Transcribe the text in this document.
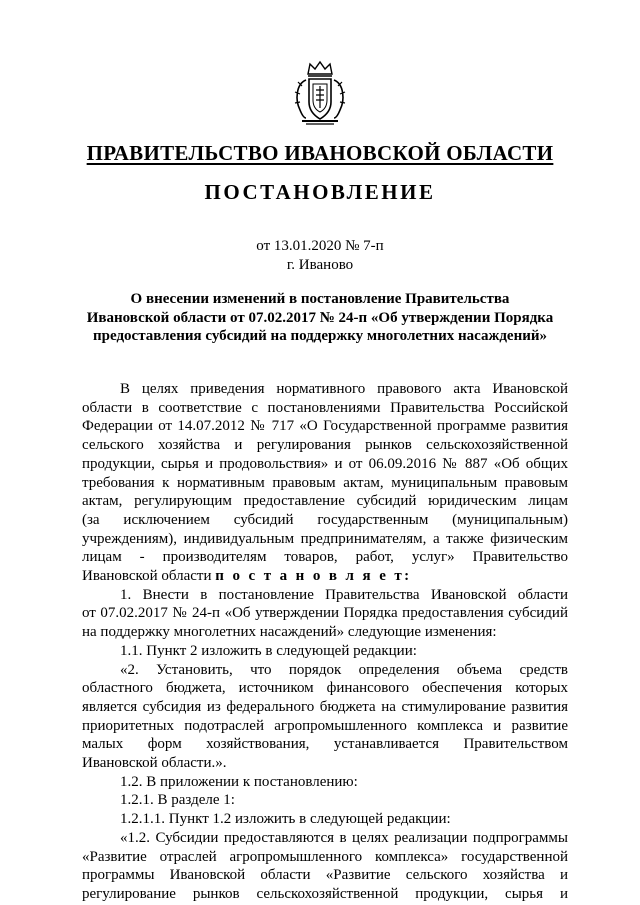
ПРАВИТЕЛЬСТВО ИВАНОВСКОЙ ОБЛАСТИ
ПОСТАНОВЛЕНИЕ
от 13.01.2020 № 7-п
г. Иваново
О внесении изменений в постановление Правительства
Ивановской области от 07.02.2017 № 24-п «Об утверждении Порядка
предоставления субсидий на поддержку многолетних насаждений»
В целях приведения нормативного правового акта Ивановской
области в соответствие с постановлениями Правительства Российской
Федерации от 14.07.2012 № 717 «О Государственной программе развития
сельского хозяйства и регулирования рынков сельскохозяйственной
продукции, сырья и продовольствия» и от 06.09.2016 № 887 «Об общих
требования к нормативным правовым актам, муниципальным правовым
актам, регулирующим предоставление субсидий юридическим лицам
(за исключением субсидий государственным (муниципальным)
учреждениям), индивидуальным предпринимателям, а также физическим
лицам - производителям товаров, работ, услуг» Правительство
Ивановской области п о с т а н о в л я е т:
1. Внести в постановление Правительства Ивановской области
от 07.02.2017 № 24-п «Об утверждении Порядка предоставления субсидий
на поддержку многолетних насаждений» следующие изменения:
1.1. Пункт 2 изложить в следующей редакции:
«2. Установить, что порядок определения объема средств
областного бюджета, источником финансового обеспечения которых
является субсидия из федерального бюджета на стимулирование развития
приоритетных подотраслей агропромышленного комплекса и развитие
малых форм хозяйствования, устанавливается Правительством
Ивановской области.».
1.2. В приложении к постановлению:
1.2.1. В разделе 1:
1.2.1.1. Пункт 1.2 изложить в следующей редакции:
«1.2. Субсидии предоставляются в целях реализации подпрограммы
«Развитие отраслей агропромышленного комплекса» государственной
программы Ивановской области «Развитие сельского хозяйства и
регулирование рынков сельскохозяйственной продукции, сырья и
